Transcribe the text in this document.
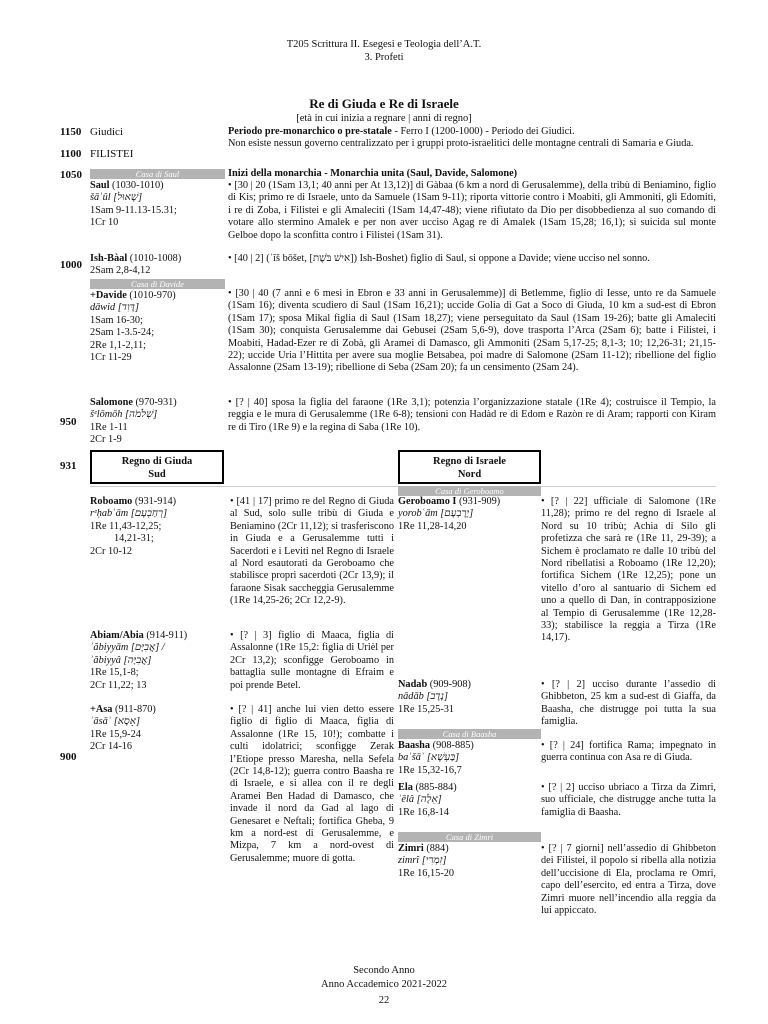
T205 Scrittura II. Esegesi e Teologia dell’A.T.
3. Profeti
Re di Giuda e Re di Israele
[età in cui inizia a regnare | anni di regno]
1150
1100
1050
1000
950
931
900
Giudici
FILISTEI
Periodo pre-monarchico o pre-statale - Ferro I (1200-1000) - Periodo dei Giudici.
Non esiste nessun governo centralizzato per i gruppi proto-israelitici delle montagne centrali di Samaria e Giuda.
Inizi della monarchia - Monarchia unita (Saul, Davide, Salomone)
Casa di Saul
Casa di Davide
Saul (1030-1010)
šāʾûl [שָׁאוּל]
1Sam 9-11.13-15.31;
1Cr 10
• [30 | 20 (1Sam 13,1; 40 anni per At 13,12)] di Gàbaa (6 km a nord di Gerusalemme), della tribù di Beniamino, figlio di Kis; primo re di Israele, unto da Samuele (1Sam 9-11); riporta vittorie contro i Moabiti, gli Ammoniti, gli Edomiti, i re di Zoba, i Filistei e gli Amaleciti (1Sam 14,47-48); viene rifiutato da Dio per disobbedienza al suo comando di votare allo stermino Amalek e per non aver ucciso Agag re di Amalek (1Sam 15,28; 16,1); si suicida sul monte Gelboe dopo la sconfitta contro i Filistei (1Sam 31).
Ish-Bàal (1010-1008)
2Sam 2,8-4,12
• [40 | 2] (ʾîš bōšet, [אִישׁ בֹּשֶׁת]) Ish-Boshet) figlio di Saul, si oppone a Davide; viene ucciso nel sonno.
+Davide (1010-970)
dāwid [דָּוִד]
1Sam 16-30;
2Sam 1-3.5-24;
2Re 1,1-2,11;
1Cr 11-29
• [30 | 40 (7 anni e 6 mesi in Ebron e 33 anni in Gerusalemme)] di Betlemme, figlio di Iesse, unto re da Samuele (1Sam 16); diventa scudiero di Saul (1Sam 16,21); uccide Golia di Gat a Soco di Giuda, 10 km a sud-est di Ebron (1Sam 17); sposa Mikal figlia di Saul (1Sam 18,27); viene perseguitato da Saul (1Sam 19-26); batte gli Amaleciti (1Sam 30); conquista Gerusalemme dai Gebusei (2Sam 5,6-9), dove trasporta l’Arca (2Sam 6); batte i Filistei, i Moabiti, Hadad-Ezer re di Zobà, gli Aramei di Damasco, gli Ammoniti (2Sam 5,17-25; 8,1-3; 10; 12,26-31; 21,15-22); uccide Uria l’Hittita per avere sua moglie Betsabea, poi madre di Salomone (2Sam 11-12); ribellione del figlio Assalonne (2Sam 13-19); ribellione di Seba (2Sam 20); fa un censimento (2Sam 24).
Salomone (970-931)
šᵉlōmōh [שְׁלֹמֹה]
1Re 1-11
2Cr 1-9
• [? | 40] sposa la figlia del faraone (1Re 3,1); potenzia l’organizzazione statale (1Re 4); costruisce il Tempio, la reggia e le mura di Gerusalemme (1Re 6-8); tensioni con Hadàd re di Edom e Razòn re di Aram; rapporti con Kiram re di Tiro (1Re 9) e la regina di Saba (1Re 10).
Regno di Giuda
Sud
Regno di Israele
Nord
Roboamo (931-914)
rᵉḥabʿām [רְחַבְעָם]
1Re 11,43-12,25;
14,21-31;
2Cr 10-12
• [41 | 17] primo re del Regno di Giuda al Sud, solo sulle tribù di Giuda e Beniamino (2Cr 11,12); si trasferiscono in Giuda e a Gerusalemme tutti i Sacerdoti e i Leviti nel Regno di Israele al Nord esautorati da Geroboamo che stabilisce propri sacerdoti (2Cr 13,9); il faraone Sisak saccheggia Gerusalemme (1Re 14,25-26; 2Cr 12,2-9).
Abiam/Abia (914-911)
ʾăbiyyām [אֲבִיָּם] /
ʾăbiyyâ [אֲבִיָּה]
1Re 15,1-8;
2Cr 11,22; 13
• [? | 3] figlio di Maaca, figlia di Assalonne (1Re 15,2: figlia di Urièl per 2Cr 13,2); sconfigge Geroboamo in battaglia sulle montagne di Efraim e poi prende Betel.
+Asa (911-870)
ʾāsāʾ [אָסָא]
1Re 15,9-24
2Cr 14-16
• [? | 41] anche lui vien detto essere figlio di figlio di Maaca, figlia di Assalonne (1Re 15, 10!); combatte i culti idolatrici; sconfigge Zerak l’Etiope presso Maresha, nella Sefela (2Cr 14,8-12); guerra contro Baasha re di Israele, e si allea con il re degli Aramei Ben Hadad di Damasco, che invade il nord da Gad al lago di Genesaret e Neftali; fortifica Gheba, 9 km a nord-est di Gerusalemme, e Mizpa, 7 km a nord-ovest di Gerusalemme; muore di gotta.
Casa di Geroboamo
Casa di Baasha
Casa di Zimri
Geroboamo I (931-909)
yorobʿām [יָרָבְעָם]
1Re 11,28-14,20
• [? | 22] ufficiale di Salomone (1Re 11,28); primo re del regno di Israele al Nord su 10 tribù; Achia di Silo gli profetizza che sarà re (1Re 11, 29-39); a Sichem è proclamato re dalle 10 tribù del Nord ribellatisi a Roboamo (1Re 12,20); fortifica Sichem (1Re 12,25); pone un vitello d’oro al santuario di Sichem ed uno a quello di Dan, in contrapposizione al Tempio di Gerusalemme (1Re 12,28-33); stabilisce la reggia a Tirza (1Re 14,17).
Nadab (909-908)
nādāb [נָדָב]
1Re 15,25-31
• [? | 2] ucciso durante l’assedio di Ghibbeton, 25 km a sud-est di Giaffa, da Baasha, che distrugge poi tutta la sua famiglia.
Baasha (908-885)
baʿšāʾ [בַּעְשָׁא]
1Re 15,32-16,7
• [? | 24] fortifica Rama; impegnato in guerra continua con Asa re di Giuda.
Ela (885-884)
ʾēlâ [אֵלָה]
1Re 16,8-14
• [? | 2] ucciso ubriaco a Tirza da Zimri, suo ufficiale, che distrugge anche tutta la famiglia di Baasha.
Zimri (884)
zimrî [זִמְרִי]
1Re 16,15-20
• [? | 7 giorni] nell’assedio di Ghibbeton dei Filistei, il popolo si ribella alla notizia dell’uccisione di Ela, proclama re Omri, capo dell’esercito, ed entra a Tirza, dove Zimri muore nell’incendio alla reggia da lui appiccato.
Secondo Anno
Anno Accademico 2021-2022
22
